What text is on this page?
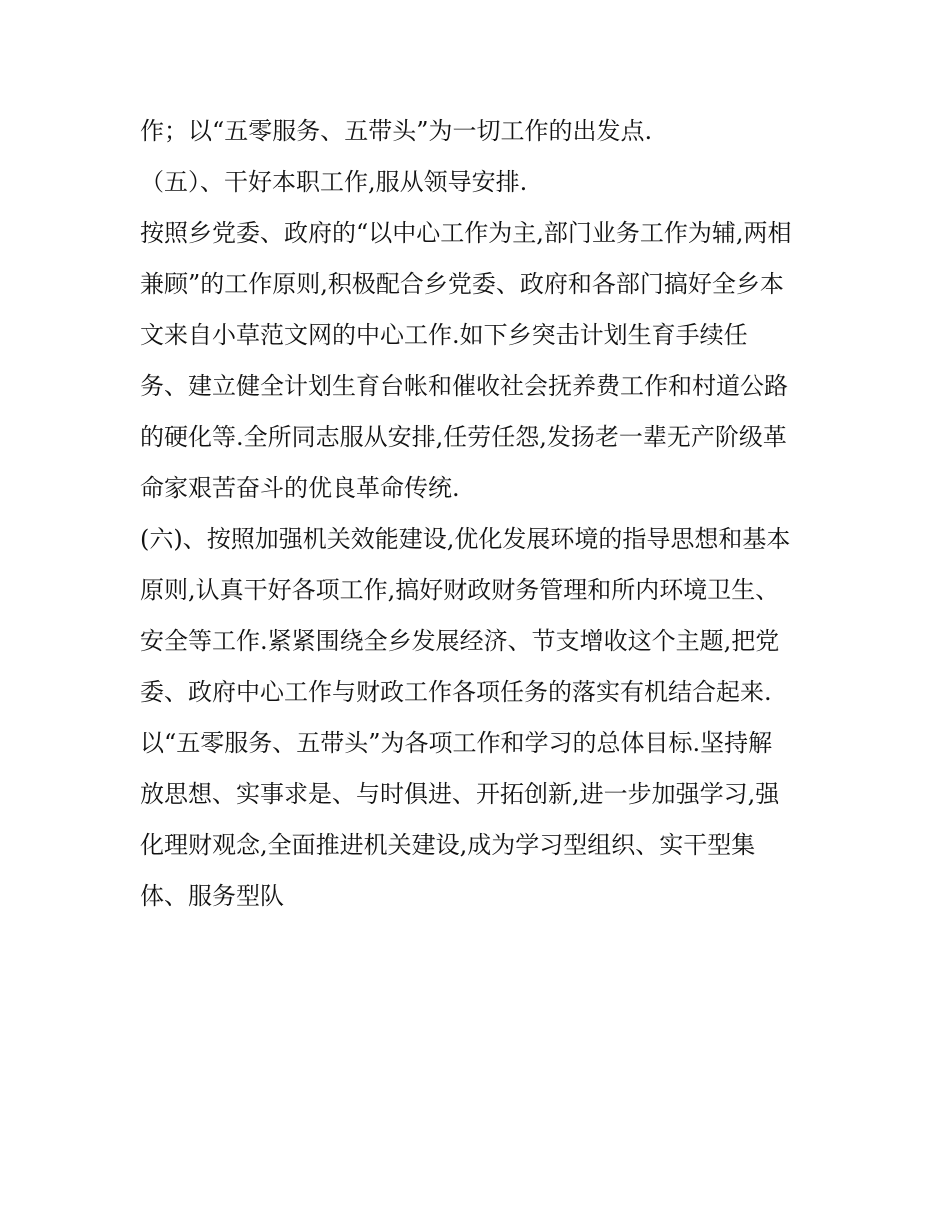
作；以“五零服务、五带头”为一切工作的出发点.
（五）、干好本职工作,服从领导安排.
按照乡党委、政府的“以中心工作为主,部门业务工作为辅,两相
兼顾”的工作原则,积极配合乡党委、政府和各部门搞好全乡本
文来自小草范文网的中心工作.如下乡突击计划生育手续任
务、建立健全计划生育台帐和催收社会抚养费工作和村道公路
的硬化等.全所同志服从安排,任劳任怨,发扬老一辈无产阶级革
命家艰苦奋斗的优良革命传统.
(六)、按照加强机关效能建设,优化发展环境的指导思想和基本
原则,认真干好各项工作,搞好财政财务管理和所内环境卫生、
安全等工作.紧紧围绕全乡发展经济、节支增收这个主题,把党
委、政府中心工作与财政工作各项任务的落实有机结合起来.
以“五零服务、五带头”为各项工作和学习的总体目标.坚持解
放思想、实事求是、与时俱进、开拓创新,进一步加强学习,强
化理财观念,全面推进机关建设,成为学习型组织、实干型集
体、服务型队
